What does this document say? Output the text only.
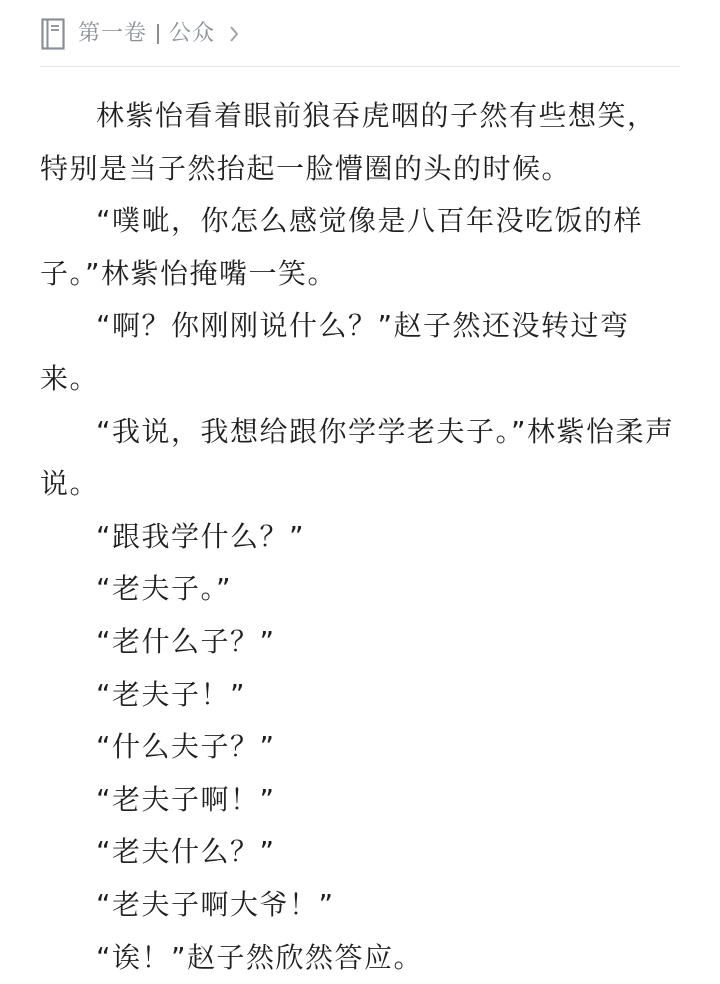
第一卷 公众

林紫怡看着眼前狼吞虎咽的子然有些想笑，特别是当子然抬起一脸懵圈的头的时候。

“噗呲，你怎么感觉像是八百年没吃饭的样子。”林紫怡掩嘴一笑。

“啊？你刚刚说什么？”赵子然还没转过弯来。

“我说，我想给跟你学学老夫子。”林紫怡柔声说。

“跟我学什么？”

“老夫子。”

“老什么子？”

“老夫子！”

“什么夫子？”

“老夫子啊！”

“老夫什么？”

“老夫子啊大爷！”

“诶！”赵子然欣然答应。
